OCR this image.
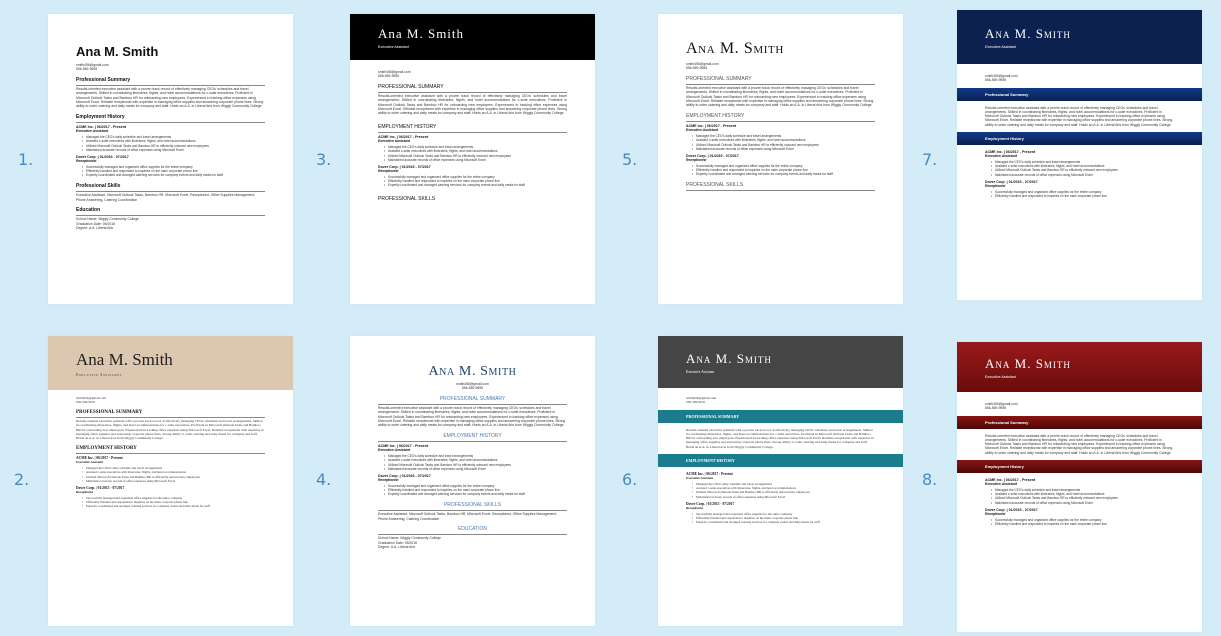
1.
2.
3.
4.
5.
6.
7.
8.
Ana M. Smith
smith456@gmail.com
656-569-9655
Professional Summary
Results-oriented executive assistant with a proven track record of effectively managing CEOs' schedules and travel arrangements. Skilled in coordinating itineraries, flights, and hotel accommodations for c-suite executives. Proficient in Microsoft Outlook Tasks and Bamboo HR for onboarding new employees. Experienced in tracking office expenses using Microsoft Excel. Reliable receptionist with expertise in managing office supplies and answering corporate phone lines. Strong ability to order catering and daily meals for company and staff. Holds an A.A. in Liberal Arts from Wiggly Community College.
Employment History
ACME Inc. | 06/2017 - Present
Executive Assistant
• Managed the CEO's daily schedule and travel arrangements
• Assisted c-suite executives with itineraries, flights, and hotel accommodations
• Utilized Microsoft Outlook Tasks and Bamboo HR to efficiently onboard new employees
• Maintained accurate records of office expenses using Microsoft Excel
Dover Corp. | 01/2015 - 07/2017
Receptionist
• Successfully managed and organized office supplies for the entire company
• Efficiently handled and responded to inquiries on the main corporate phone line
• Expertly coordinated and arranged catering services for company events and daily meals for staff
Professional Skills
Executive Assistant, Microsoft Outlook Tasks, Bamboo HR, Microsoft Excel, Receptionist, Office Supplies Management, Phone Answering, Catering Coordination
Education
School Name: Wiggly Community College
Graduation Date: 05/2016
Degree: A.A. Liberal Arts
Ana M. Smith
Executive Assistant
smith456@gmail.com
656-569-9655
PROFESSIONAL SUMMARY
Results-oriented executive assistant with a proven track record of effectively managing CEOs' schedules and travel arrangements. Skilled in coordinating itineraries, flights, and hotel accommodations for c-suite executives. Proficient in Microsoft Outlook Tasks and Bamboo HR for onboarding new employees. Experienced in tracking office expenses using Microsoft Excel. Reliable receptionist with expertise in managing office supplies and answering corporate phone lines. Strong ability to order catering and daily meals for company and staff. Holds an A.A. in Liberal Arts from Wiggly Community College.
EMPLOYMENT HISTORY
ACME Inc. | 06/2017 - Present
Executive Assistant
• Managed the CEO's daily schedule and travel arrangements
• Assisted c-suite executives with itineraries, flights, and hotel accommodations
• Utilized Microsoft Outlook Tasks and Bamboo HR to efficiently onboard new employees
• Maintained accurate records of office expenses using Microsoft Excel
Dover Corp. | 01/2015 - 07/2017
Receptionist
• Successfully managed and organized office supplies for the entire company
• Efficiently handled and responded to inquiries on the main corporate phone line
• Expertly coordinated and arranged catering services for company events and daily meals for staff
Ana M. Smith
Executive Assistant
smith456@gmail.com
656-569-9655
PROFESSIONAL SUMMARY
Results-oriented executive assistant with a proven track record of effectively managing CEOs' schedules and travel arrangements. Skilled in coordinating itineraries, flights, and hotel accommodations for c-suite executives. Proficient in Microsoft Outlook Tasks and Bamboo HR for onboarding new employees. Experienced in tracking office expenses using Microsoft Excel. Reliable receptionist with expertise in managing office supplies and answering corporate phone lines. Strong ability to order catering and daily meals for company and staff. Holds an A.A. in Liberal Arts from Wiggly Community College.
EMPLOYMENT HISTORY
ACME Inc. | 06/2017 - Present
Executive Assistant
• Managed the CEO's daily schedule and travel arrangements
• Assisted c-suite executives with itineraries, flights, and hotel accommodations
• Utilized Microsoft Outlook Tasks and Bamboo HR to efficiently onboard new employees
• Maintained accurate records of office expenses using Microsoft Excel
Dover Corp. | 01/2015 - 07/2017
Receptionist
• Successfully managed and organized office supplies for the entire company
• Efficiently handled and responded to inquiries on the main corporate phone line
• Expertly coordinated and arranged catering services for company events and daily meals for staff
PROFESSIONAL SKILLS
Ana M. Smith
smith456@gmail.com
656-569-9655
PROFESSIONAL SUMMARY
Results-oriented executive assistant with a proven track record of effectively managing CEOs' schedules and travel arrangements. Skilled in coordinating itineraries, flights, and hotel accommodations for c-suite executives. Proficient in Microsoft Outlook Tasks and Bamboo HR for onboarding new employees. Experienced in tracking office expenses using Microsoft Excel. Reliable receptionist with expertise in managing office supplies and answering corporate phone lines. Strong ability to order catering and daily meals for company and staff. Holds an A.A. in Liberal Arts from Wiggly Community College.
EMPLOYMENT HISTORY
ACME Inc. | 06/2017 - Present
Executive Assistant
• Managed the CEO's daily schedule and travel arrangements
• Assisted c-suite executives with itineraries, flights, and hotel accommodations
• Utilized Microsoft Outlook Tasks and Bamboo HR to efficiently onboard new employees
• Maintained accurate records of office expenses using Microsoft Excel
Dover Corp. | 01/2015 - 07/2017
Receptionist
• Successfully managed and organized office supplies for the entire company
• Efficiently handled and responded to inquiries on the main corporate phone line
• Expertly coordinated and arranged catering services for company events and daily meals for staff
PROFESSIONAL SKILLS
Executive Assistant, Microsoft Outlook Tasks, Bamboo HR, Microsoft Excel, Receptionist, Office Supplies Management, Phone Answering, Catering Coordination
EDUCATION
School Name: Wiggly Community College
Graduation Date: 05/2016
Degree: A.A. Liberal Arts
Ana M. Smith
smith456@gmail.com
656-569-9655
PROFESSIONAL SUMMARY
Results-oriented executive assistant with a proven track record of effectively managing CEOs' schedules and travel arrangements. Skilled in coordinating itineraries, flights, and hotel accommodations for c-suite executives. Proficient in Microsoft Outlook Tasks and Bamboo HR for onboarding new employees. Experienced in tracking office expenses using Microsoft Excel. Reliable receptionist with expertise in managing office supplies and answering corporate phone lines. Strong ability to order catering and daily meals for company and staff. Holds an A.A. in Liberal Arts from Wiggly Community College.
EMPLOYMENT HISTORY
ACME Inc. | 06/2017 - Present
Executive Assistant
• Managed the CEO's daily schedule and travel arrangements
• Assisted c-suite executives with itineraries, flights, and hotel accommodations
• Utilized Microsoft Outlook Tasks and Bamboo HR to efficiently onboard new employees
• Maintained accurate records of office expenses using Microsoft Excel
Dover Corp. | 01/2015 - 07/2017
Receptionist
• Successfully managed and organized office supplies for the entire company
• Efficiently handled and responded to inquiries on the main corporate phone line
• Expertly coordinated and arranged catering services for company events and daily meals for staff
PROFESSIONAL SKILLS
Ana M. Smith
Executive Assistant
smith456@gmail.com
656-569-9655
PROFESSIONAL SUMMARY
Results-oriented executive assistant with a proven track record of effectively managing CEOs' schedules and travel arrangements. Skilled in coordinating itineraries, flights, and hotel accommodations for c-suite executives. Proficient in Microsoft Outlook Tasks and Bamboo HR for onboarding new employees. Experienced in tracking office expenses using Microsoft Excel. Reliable receptionist with expertise in managing office supplies and answering corporate phone lines. Strong ability to order catering and daily meals for company and staff. Holds an A.A. in Liberal Arts from Wiggly Community College.
EMPLOYMENT HISTORY
ACME Inc. | 06/2017 - Present
Executive Assistant
• Managed the CEO's daily schedule and travel arrangements
• Assisted c-suite executives with itineraries, flights, and hotel accommodations
• Utilized Microsoft Outlook Tasks and Bamboo HR to efficiently onboard new employees
• Maintained accurate records of office expenses using Microsoft Excel
Dover Corp. | 01/2015 - 07/2017
Receptionist
• Successfully managed and organized office supplies for the entire company
• Efficiently handled and responded to inquiries on the main corporate phone line
• Expertly coordinated and arranged catering services for company events and daily meals for staff
Ana M. Smith
Executive Assistant
smith456@gmail.com
656-569-9655
Professional Summary
Results-oriented executive assistant with a proven track record of effectively managing CEOs' schedules and travel arrangements. Skilled in coordinating itineraries, flights, and hotel accommodations for c-suite executives. Proficient in Microsoft Outlook Tasks and Bamboo HR for onboarding new employees. Experienced in tracking office expenses using Microsoft Excel. Reliable receptionist with expertise in managing office supplies and answering corporate phone lines. Strong ability to order catering and daily meals for company and staff. Holds an A.A. in Liberal Arts from Wiggly Community College.
Employment History
ACME Inc. | 06/2017 - Present
Executive Assistant
• Managed the CEO's daily schedule and travel arrangements
• Assisted c-suite executives with itineraries, flights, and hotel accommodations
• Utilized Microsoft Outlook Tasks and Bamboo HR to efficiently onboard new employees
• Maintained accurate records of office expenses using Microsoft Excel
Dover Corp. | 01/2015 - 07/2017
Receptionist
• Successfully managed and organized office supplies for the entire company
• Efficiently handled and responded to inquiries on the main corporate phone line
Ana M. Smith
Executive Assistant
smith456@gmail.com
656-569-9655
Professional Summary
Results-oriented executive assistant with a proven track record of effectively managing CEOs' schedules and travel arrangements. Skilled in coordinating itineraries, flights, and hotel accommodations for c-suite executives. Proficient in Microsoft Outlook Tasks and Bamboo HR for onboarding new employees. Experienced in tracking office expenses using Microsoft Excel. Reliable receptionist with expertise in managing office supplies and answering corporate phone lines. Strong ability to order catering and daily meals for company and staff. Holds an A.A. in Liberal Arts from Wiggly Community College.
Employment History
ACME Inc. | 06/2017 - Present
Executive Assistant
• Managed the CEO's daily schedule and travel arrangements
• Assisted c-suite executives with itineraries, flights, and hotel accommodations
• Utilized Microsoft Outlook Tasks and Bamboo HR to efficiently onboard new employees
• Maintained accurate records of office expenses using Microsoft Excel
Dover Corp. | 01/2015 - 07/2017
Receptionist
• Successfully managed and organized office supplies for the entire company
• Efficiently handled and responded to inquiries on the main corporate phone line
